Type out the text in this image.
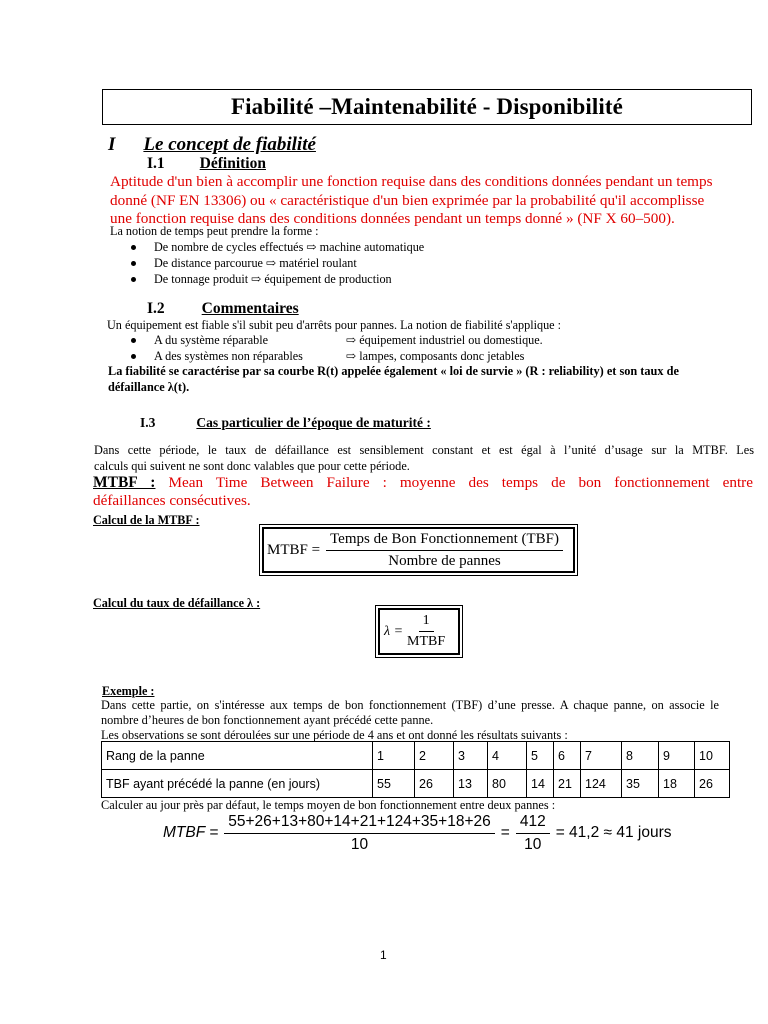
Fiabilité –Maintenabilité - Disponibilité
I Le concept de fiabilité
I.1 Définition
Aptitude d'un bien à accomplir une fonction requise dans des conditions données pendant un temps
donné (NF EN 13306) ou « caractéristique d'un bien exprimée par la probabilité qu'il accomplisse
une fonction requise dans des conditions données pendant un temps donné » (NF X 60–500).
La notion de temps peut prendre la forme :
De nombre de cycles effectués ⇨ machine automatique
De distance parcourue ⇨ matériel roulant
De tonnage produit ⇨ équipement de production
I.2 Commentaires
Un équipement est fiable s'il subit peu d'arrêts pour pannes. La notion de fiabilité s'applique :
A du système réparable	⇨ équipement industriel ou domestique.
A des systèmes non réparables	⇨ lampes, composants donc jetables
La fiabilité se caractérise par sa courbe R(t) appelée également « loi de survie » (R : reliability) et son taux de
défaillance λ(t).
I.3	Cas particulier de l’époque de maturité :
Dans cette période, le taux de défaillance est sensiblement constant et est égal à l’unité d’usage sur la MTBF. Les
calculs qui suivent ne sont donc valables que pour cette période.
MTBF : Mean Time Between Failure : moyenne des temps de bon fonctionnement entre
défaillances consécutives.
Calcul de la MTBF :
MTBF = $\frac{\text{Temps de Bon Fonctionnement (TBF)}}{\text{Nombre de pannes}}$
Calcul du taux de défaillance λ :
$\lambda = \frac{1}{\text{MTBF}}$
Exemple :
Dans cette partie, on s'intéresse aux temps de bon fonctionnement (TBF) d’une presse. A chaque panne, on associe le
nombre d’heures de bon fonctionnement ayant précédé cette panne.
Les observations se sont déroulées sur une période de 4 ans et ont donné les résultats suivants :
Rang de la panne	1	2	3	4	5	6	7	8	9	10
TBF ayant précédé la panne (en jours)	55	26	13	80	14	21	124	35	18	26
Calculer au jour près par défaut, le temps moyen de bon fonctionnement entre deux pannes :
MTBF = $\frac{55+26+13+80+14+21+124+35+18+26}{10} = \frac{412}{10} = 41,2 \approx 41$ jours
1
